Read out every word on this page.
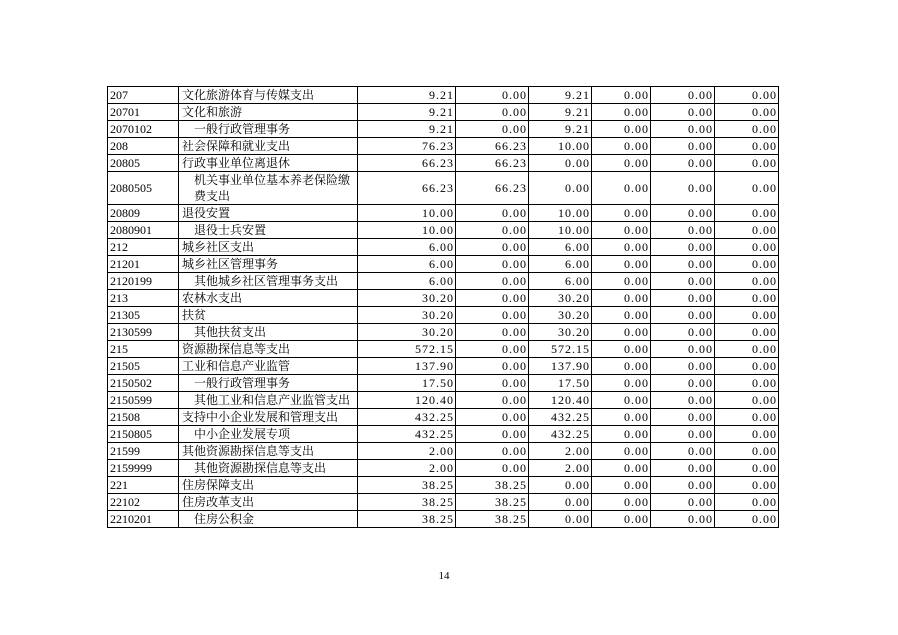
207	文化旅游体育与传媒支出	9.21	0.00	9.21	0.00	0.00	0.00
20701	文化和旅游	9.21	0.00	9.21	0.00	0.00	0.00
2070102	一般行政管理事务	9.21	0.00	9.21	0.00	0.00	0.00
208	社会保障和就业支出	76.23	66.23	10.00	0.00	0.00	0.00
20805	行政事业单位离退休	66.23	66.23	0.00	0.00	0.00	0.00
2080505	机关事业单位基本养老保险缴费支出	66.23	66.23	0.00	0.00	0.00	0.00
20809	退役安置	10.00	0.00	10.00	0.00	0.00	0.00
2080901	退役士兵安置	10.00	0.00	10.00	0.00	0.00	0.00
212	城乡社区支出	6.00	0.00	6.00	0.00	0.00	0.00
21201	城乡社区管理事务	6.00	0.00	6.00	0.00	0.00	0.00
2120199	其他城乡社区管理事务支出	6.00	0.00	6.00	0.00	0.00	0.00
213	农林水支出	30.20	0.00	30.20	0.00	0.00	0.00
21305	扶贫	30.20	0.00	30.20	0.00	0.00	0.00
2130599	其他扶贫支出	30.20	0.00	30.20	0.00	0.00	0.00
215	资源勘探信息等支出	572.15	0.00	572.15	0.00	0.00	0.00
21505	工业和信息产业监管	137.90	0.00	137.90	0.00	0.00	0.00
2150502	一般行政管理事务	17.50	0.00	17.50	0.00	0.00	0.00
2150599	其他工业和信息产业监管支出	120.40	0.00	120.40	0.00	0.00	0.00
21508	支持中小企业发展和管理支出	432.25	0.00	432.25	0.00	0.00	0.00
2150805	中小企业发展专项	432.25	0.00	432.25	0.00	0.00	0.00
21599	其他资源勘探信息等支出	2.00	0.00	2.00	0.00	0.00	0.00
2159999	其他资源勘探信息等支出	2.00	0.00	2.00	0.00	0.00	0.00
221	住房保障支出	38.25	38.25	0.00	0.00	0.00	0.00
22102	住房改革支出	38.25	38.25	0.00	0.00	0.00	0.00
2210201	住房公积金	38.25	38.25	0.00	0.00	0.00	0.00
14
